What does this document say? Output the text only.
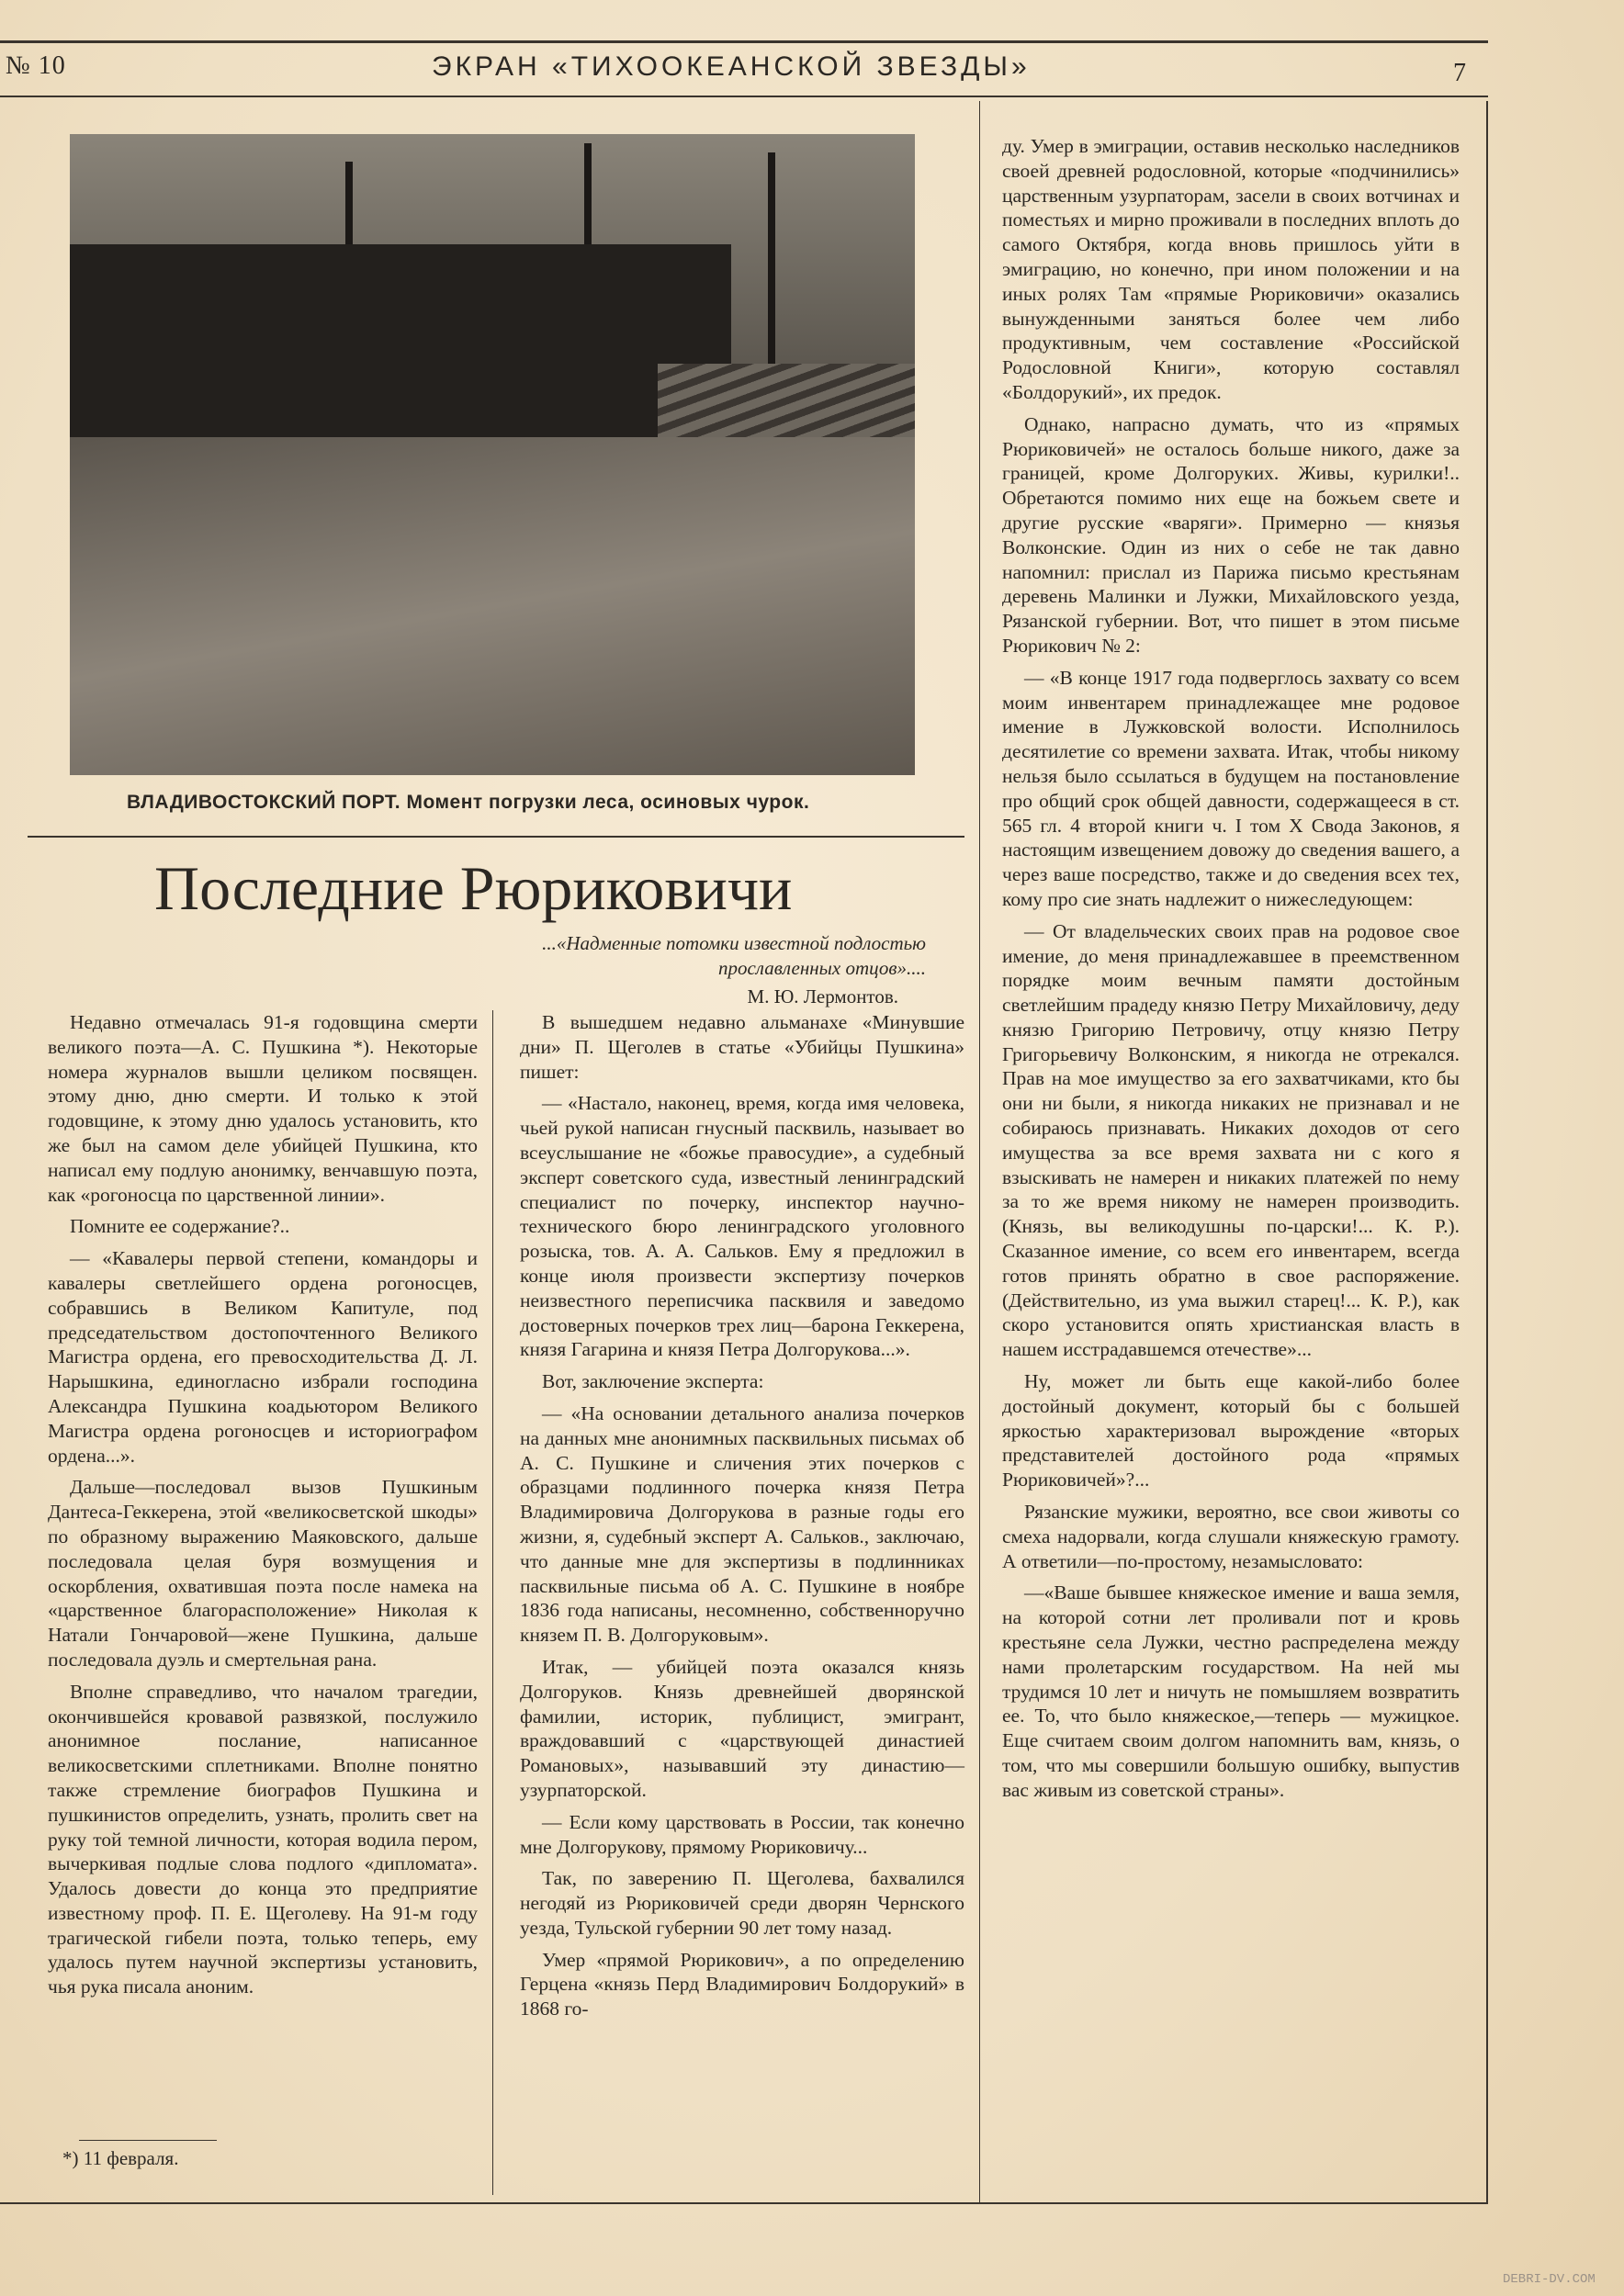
№ 10	ЭКРАН «ТИХООКЕАНСКОЙ ЗВЕЗДЫ»	7
ВЛАДИВОСТОКСКИЙ ПОРТ. Момент погрузки леса, осиновых чурок.
Последние Рюриковичи

...«Надменные потомки известной подлостью прославленных отцов»....

М. Ю. Лермонтов.

Недавно отмечалась 91-я годовщина смерти великого поэта—А. С. Пушкина *). Некоторые номера журналов вышли целиком посвящен. этому дню, дню смерти. И только к этой годовщине, к этому дню удалось установить, кто же был на самом деле убийцей Пушкина, кто написал ему подлую анонимку, венчавшую поэта, как «рогоносца по царственной линии».

Помните ее содержание?..

— «Кавалеры первой степени, командоры и кавалеры светлейшего ордена рогоносцев, собравшись в Великом Капитуле, под председательством достопочтенного Великого Магистра ордена, его превосходительства Д. Л. Нарышкина, единогласно избрали господина Александра Пушкина коадьютором Великого Магистра ордена рогоносцев и историографом ордена...».

Дальше—последовал вызов Пушкиным Дантеса-Геккерена, этой «великосветской шкоды» по образному выражению Маяковского, дальше последовала целая буря возмущения и оскорбления, охватившая поэта после намека на «царственное благорасположение» Николая к Натали Гончаровой—жене Пушкина, дальше последовала дуэль и смертельная рана.

Вполне справедливо, что началом трагедии, окончившейся кровавой развязкой, послужило анонимное послание, написанное великосветскими сплетниками. Вполне понятно также стремление биографов Пушкина и пушкинистов определить, узнать, пролить свет на руку той темной личности, которая водила пером, вычеркивая подлые слова подлого «дипломата». Удалось довести до конца это предприятие известному проф. П. Е. Щеголеву. На 91-м году трагической гибели поэта, только теперь, ему удалось путем научной экспертизы установить, чья рука писала аноним.

В вышедшем недавно альманахе «Минувшие дни» П. Щеголев в статье «Убийцы Пушкина» пишет:

— «Настало, наконец, время, когда имя человека, чьей рукой написан гнусный пасквиль, называет во всеуслышание не «божье правосудие», а судебный эксперт советского суда, известный ленинградский специалист по почерку, инспектор научно-технического бюро ленинградского уголовного розыска, тов. А. А. Сальков. Ему я предложил в конце июля произвести экспертизу почерков неизвестного переписчика пасквиля и заведомо достоверных почерков трех лиц—барона Геккерена, князя Гагарина и князя Петра Долгорукова...».

Вот, заключение эксперта:

— «На основании детального анализа почерков на данных мне анонимных пасквильных письмах об А. С. Пушкине и сличения этих почерков с образцами подлинного почерка князя Петра Владимировича Долгорукова в разные годы его жизни, я, судебный эксперт А. Сальков., заключаю, что данные мне для экспертизы в подлинниках пасквильные письма об А. С. Пушкине в ноябре 1836 года написаны, несомненно, собственноручно князем П. В. Долгоруковым».

Итак, — убийцей поэта оказался князь Долгоруков. Князь древнейшей дворянской фамилии, историк, публицист, эмигрант, враждовавший с «царствующей династией Романовых», называвший эту династию—узурпаторской.

— Если кому царствовать в России, так конечно мне Долгорукову, прямому Рюриковичу...

Так, по заверению П. Щеголева, бахвалился негодяй из Рюриковичей среди дворян Чернского уезда, Тульской губернии 90 лет тому назад.

Умер «прямой Рюрикович», а по определению Герцена «князь Перд Владимирович Болдорукий» в 1868 го-

ду. Умер в эмиграции, оставив несколько наследников своей древней родословной, которые «подчинились» царственным узурпаторам, засели в своих вотчинах и поместьях и мирно проживали в последних вплоть до самого Октября, когда вновь пришлось уйти в эмиграцию, но конечно, при ином положении и на иных ролях Там «прямые Рюриковичи» оказались вынужденными заняться более чем либо продуктивным, чем составление «Российской Родословной Книги», которую составлял «Болдорукий», их предок.

Однако, напрасно думать, что из «прямых Рюриковичей» не осталось больше никого, даже за границей, кроме Долгоруких. Живы, курилки!.. Обретаются помимо них еще на божьем свете и другие русские «варяги». Примерно — князья Волконские. Один из них о себе не так давно напомнил: прислал из Парижа письмо крестьянам деревень Малинки и Лужки, Михайловского уезда, Рязанской губернии. Вот, что пишет в этом письме Рюрикович № 2:

— «В конце 1917 года подверглось захвату со всем моим инвентарем принадлежащее мне родовое имение в Лужковской волости. Исполнилось десятилетие со времени захвата. Итак, чтобы никому нельзя было ссылаться в будущем на постановление про общий срок общей давности, содержащееся в ст. 565 гл. 4 второй книги ч. I том X Свода Законов, я настоящим извещением довожу до сведения вашего, а через ваше посредство, также и до сведения всех тех, кому про сие знать надлежит о нижеследующем:

— От владельческих своих прав на родовое свое имение, до меня принадлежавшее в преемственном порядке моим вечным памяти достойным светлейшим прадеду князю Петру Михайловичу, деду князю Григорию Петровичу, отцу князю Петру Григорьевичу Волконским, я никогда не отрекался. Прав на мое имущество за его захватчиками, кто бы они ни были, я никогда никаких не признавал и не собираюсь признавать. Никаких доходов от сего имущества за все время захвата ни с кого я взыскивать не намерен и никаких платежей по нему за то же время никому не намерен производить. (Князь, вы великодушны по-царски!... К. Р.). Сказанное имение, со всем его инвентарем, всегда готов принять обратно в свое распоряжение. (Действительно, из ума выжил старец!... К. Р.), как скоро установится опять христианская власть в нашем исстрадавшемся отечестве»...

Ну, может ли быть еще какой-либо более достойный документ, который бы с большей яркостью характеризовал вырождение «вторых представителей достойного рода «прямых Рюриковичей»?...

Рязанские мужики, вероятно, все свои животы со смеха надорвали, когда слушали княжескую грамоту. А ответили—по-простому, незамысловато:

—«Ваше бывшее княжеское имение и ваша земля, на которой сотни лет проливали пот и кровь крестьяне села Лужки, честно распределена между нами пролетарским государством. На ней мы трудимся 10 лет и ничуть не помышляем возвратить ее. То, что было княжеское,—теперь — мужицкое. Еще считаем своим долгом напомнить вам, князь, о том, что мы совершили большую ошибку, выпустив вас живым из советской страны».

*) 11 февраля.
DEBRI-DV.COM
